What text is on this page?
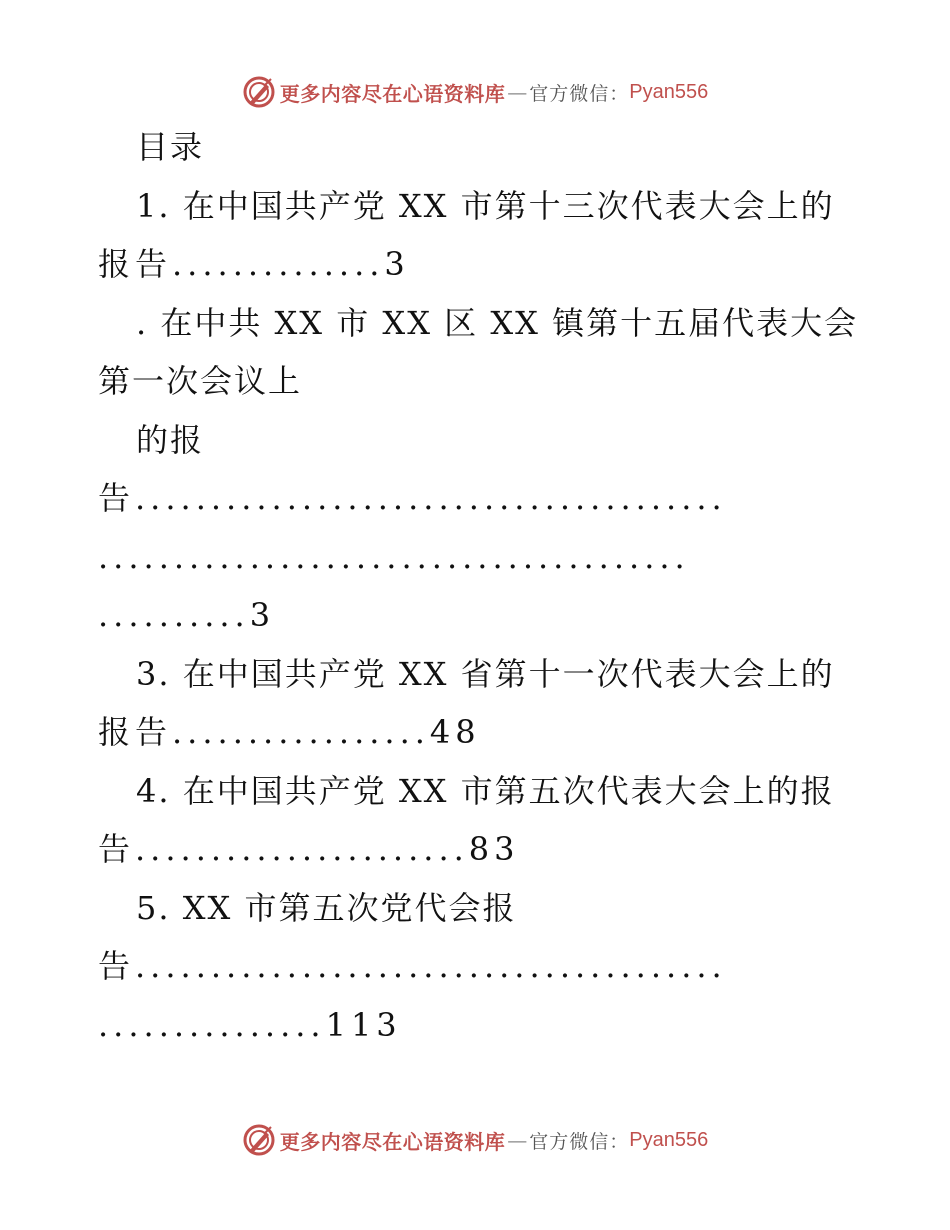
更多内容尽在心语资料库 — 官方微信： Pyan556
目录
1. 在中国共产党 XX 市第十三次代表大会上的
报告..............3
. 在中共 XX 市 XX 区 XX 镇第十五届代表大会
第一次会议上
的报
告.......................................
.......................................
..........3
3. 在中国共产党 XX 省第十一次代表大会上的
报告.................48
4. 在中国共产党 XX 市第五次代表大会上的报
告......................83
5. XX 市第五次党代会报
告.......................................
...............113
更多内容尽在心语资料库 — 官方微信： Pyan556
